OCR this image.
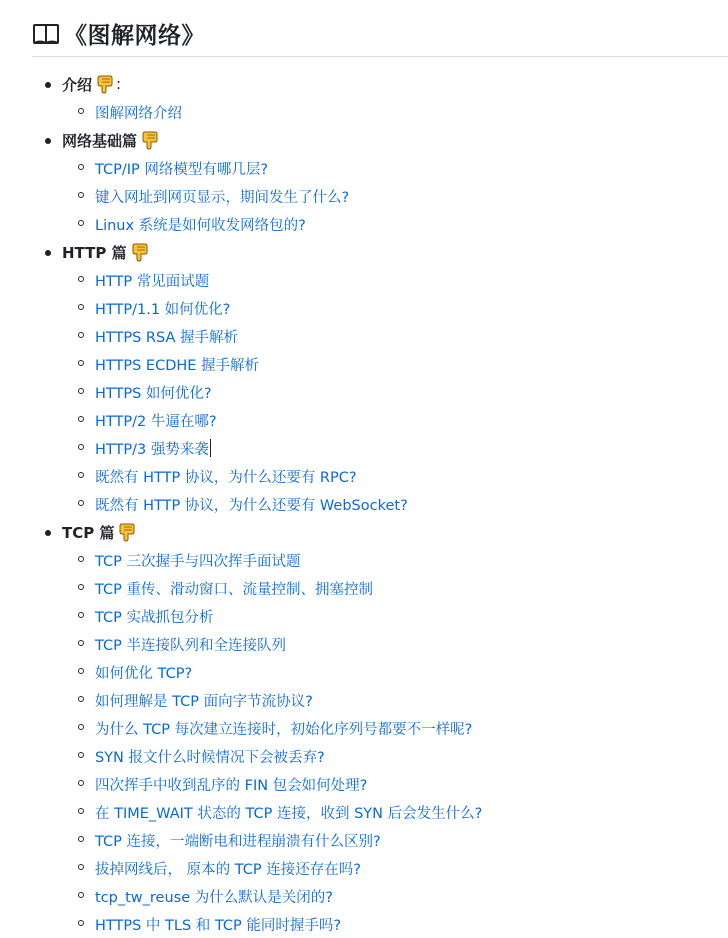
《图解网络》
介绍 :
图解网络介绍
网络基础篇
TCP/IP 网络模型有哪几层?
键入网址到网页显示，期间发生了什么?
Linux 系统是如何收发网络包的?
HTTP 篇
HTTP 常见面试题
HTTP/1.1 如何优化?
HTTPS RSA 握手解析
HTTPS ECDHE 握手解析
HTTPS 如何优化?
HTTP/2 牛逼在哪?
HTTP/3 强势来袭
既然有 HTTP 协议，为什么还要有 RPC?
既然有 HTTP 协议，为什么还要有 WebSocket?
TCP 篇
TCP 三次握手与四次挥手面试题
TCP 重传、滑动窗口、流量控制、拥塞控制
TCP 实战抓包分析
TCP 半连接队列和全连接队列
如何优化 TCP?
如何理解是 TCP 面向字节流协议?
为什么 TCP 每次建立连接时，初始化序列号都要不一样呢?
SYN 报文什么时候情况下会被丢弃?
四次挥手中收到乱序的 FIN 包会如何处理?
在 TIME_WAIT 状态的 TCP 连接，收到 SYN 后会发生什么?
TCP 连接，一端断电和进程崩溃有什么区别?
拔掉网线后， 原本的 TCP 连接还存在吗?
tcp_tw_reuse 为什么默认是关闭的?
HTTPS 中 TLS 和 TCP 能同时握手吗?
